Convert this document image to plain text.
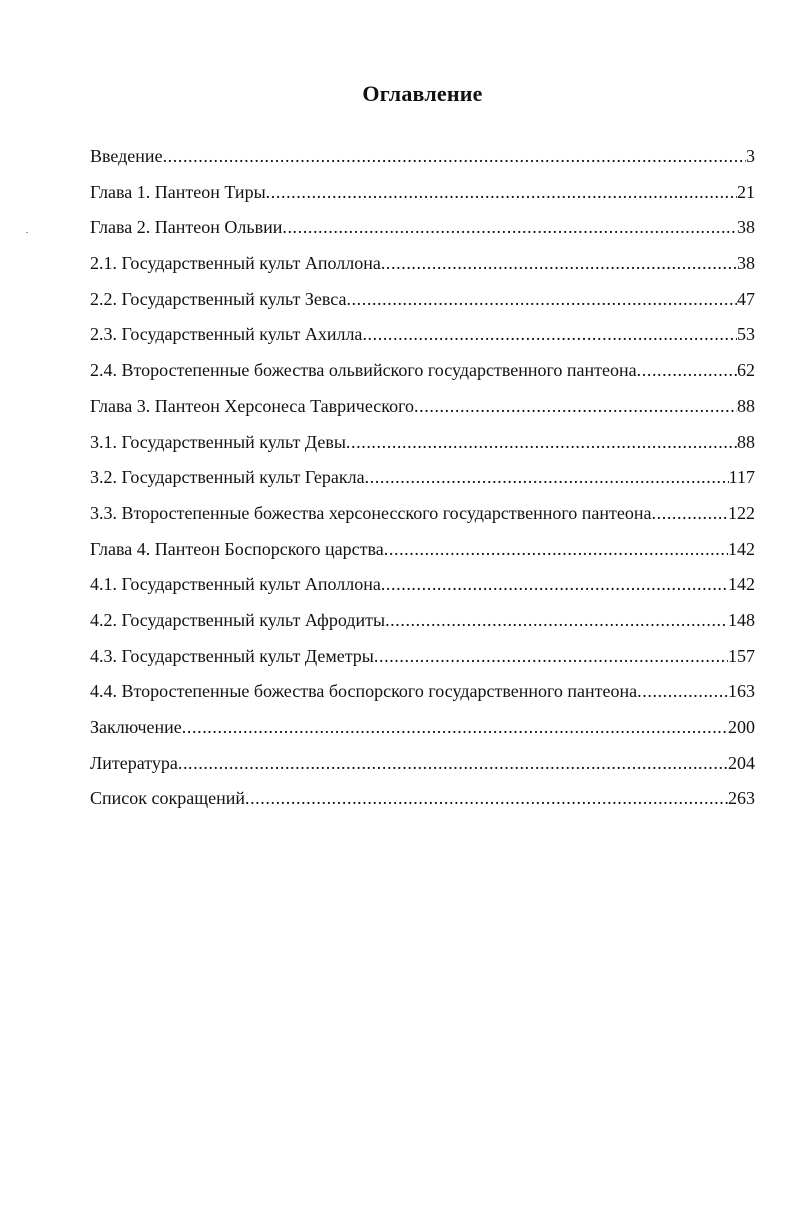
Оглавление
Введение .....	3
Глава 1. Пантеон Тиры .....	21
Глава 2. Пантеон Ольвии .....	38
2.1. Государственный культ Аполлона .....	38
2.2. Государственный культ Зевса .....	47
2.3. Государственный культ Ахилла .....	53
2.4. Второстепенные божества ольвийского государственного пантеона .....	62
Глава 3. Пантеон Херсонеса Таврического .....	88
3.1. Государственный культ Девы .....	88
3.2. Государственный культ Геракла .....	117
3.3. Второстепенные божества херсонесского государственного пантеона .....	122
Глава 4. Пантеон Боспорского царства .....	142
4.1. Государственный культ Аполлона .....	142
4.2. Государственный культ Афродиты .....	148
4.3. Государственный культ Деметры .....	157
4.4. Второстепенные божества боспорского государственного пантеона .....	163
Заключение .....	200
Литература .....	204
Список сокращений .....	263
